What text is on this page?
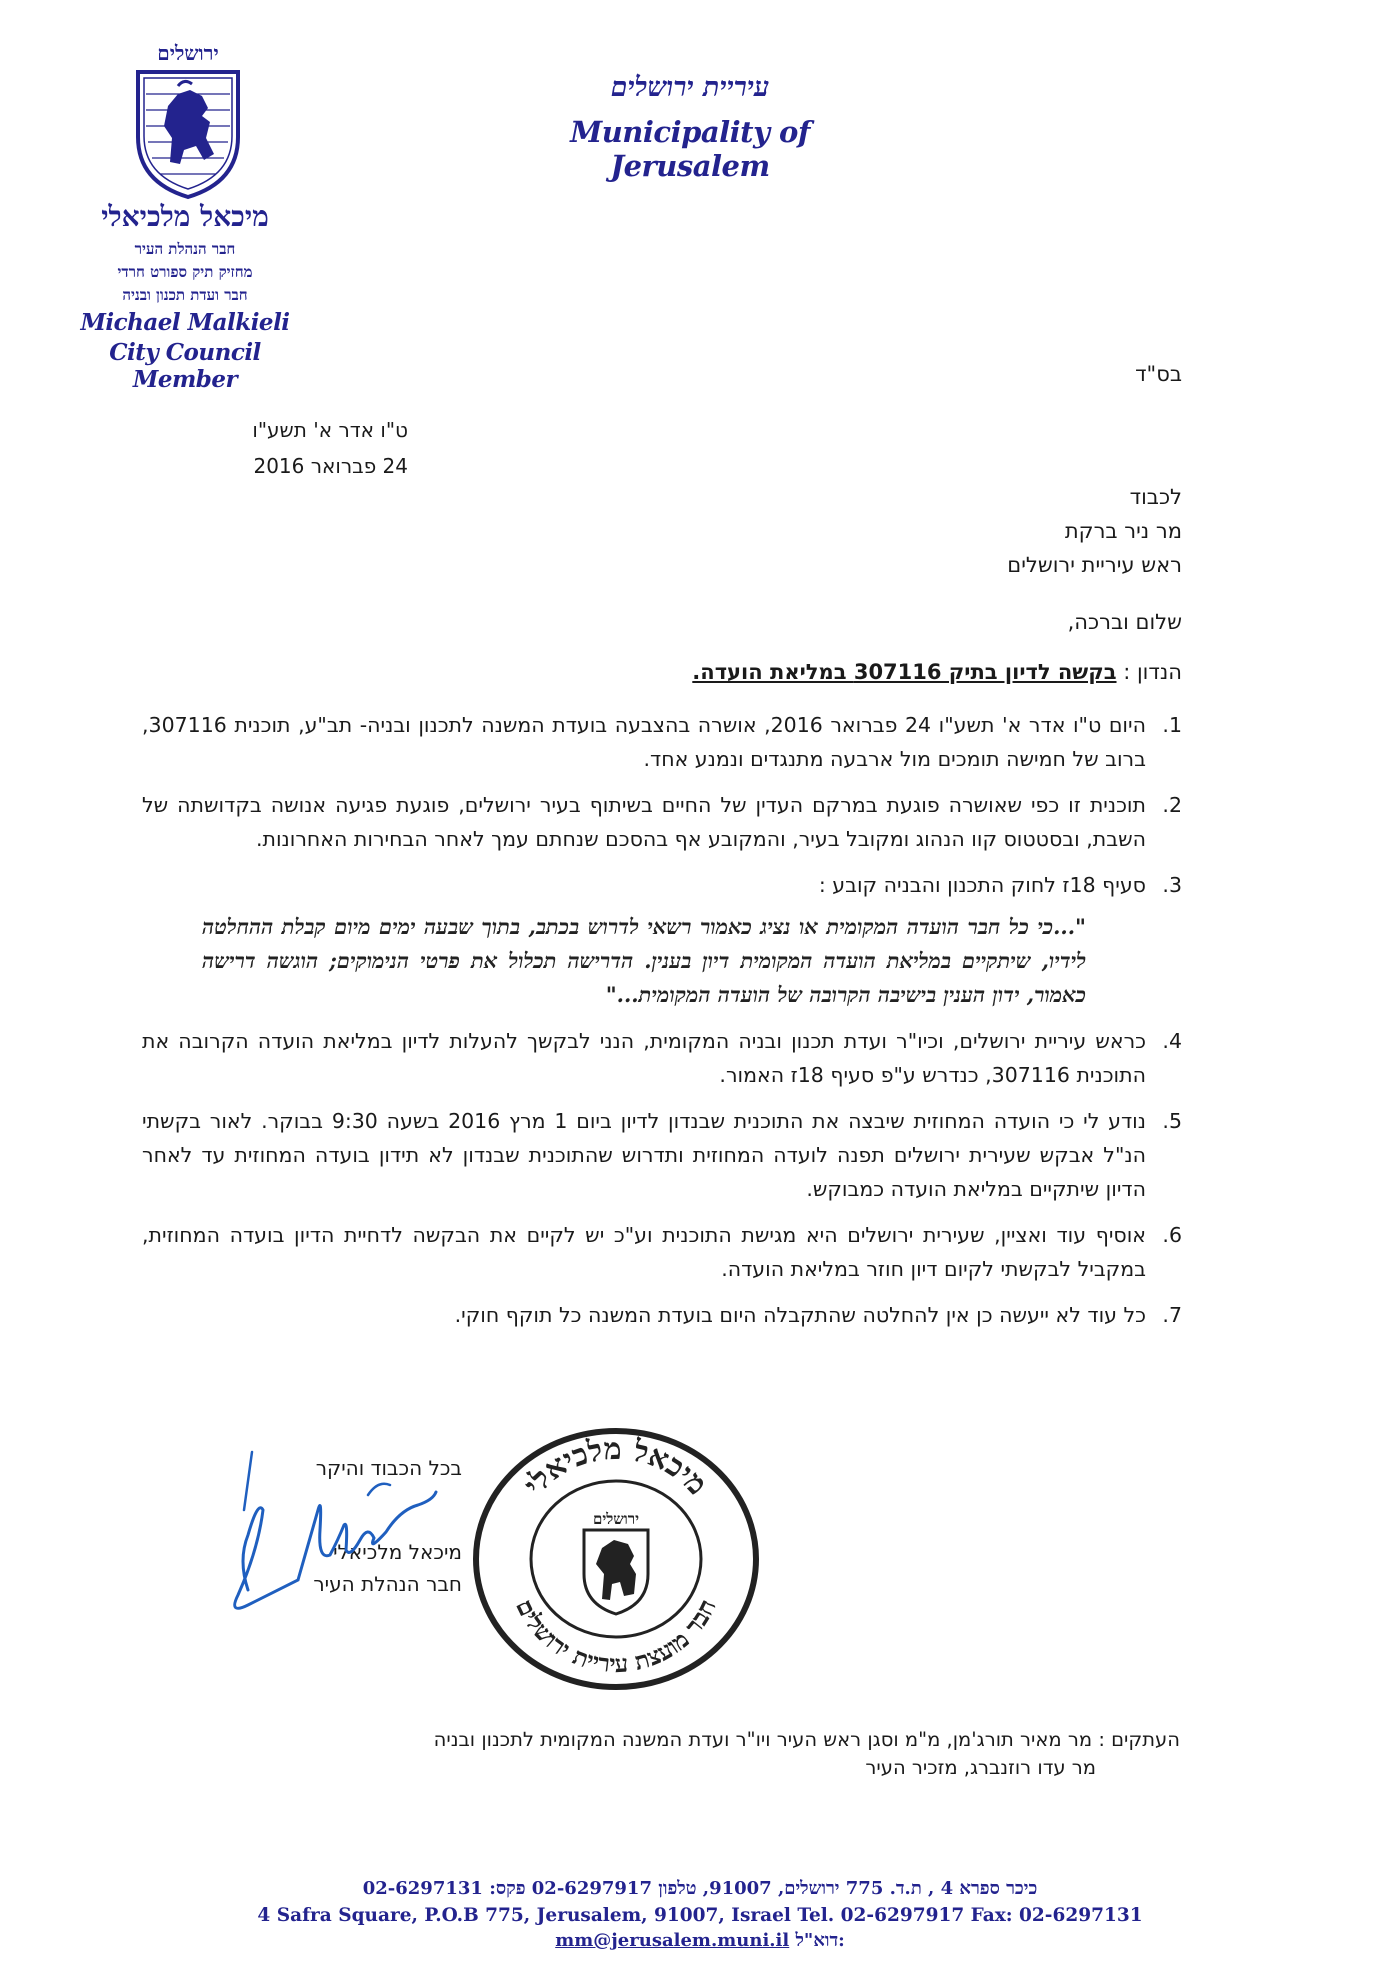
ירושלים
עיריית ירושלים
Municipality of Jerusalem
מיכאל מלכיאלי
חבר הנהלת העיר
מחזיק תיק ספורט חרדי
חבר ועדת תכנון ובניה
Michael Malkieli
City Council Member	בס"ד
ט"ו אדר א' תשע"ו
24 פברואר 2016
לכבוד
מר ניר ברקת
ראש עיריית ירושלים
שלום וברכה,
הנדון : בקשה לדיון בתיק 307116 במליאת הועדה.
1.
היום ט"ו אדר א' תשע"ו 24 פברואר 2016, אושרה בהצבעה בועדת המשנה לתכנון ובניה- תב"ע, תוכנית 307116, ברוב של חמישה תומכים מול ארבעה מתנגדים ונמנע אחד.
2.
תוכנית זו כפי שאושרה פוגעת במרקם העדין של החיים בשיתוף בעיר ירושלים, פוגעת פגיעה אנושה בקדושתה של השבת, ובסטטוס קוו הנהוג ומקובל בעיר, והמקובע אף בהסכם שנחתם עמך לאחר הבחירות האחרונות.
3.
סעיף 18ז לחוק התכנון והבניה קובע :
"...כי כל חבר הועדה המקומית או נציג כאמור רשאי לדרוש בכתב, בתוך שבעה ימים מיום קבלת ההחלטה לידיו, שיתקיים במליאת הועדה המקומית דיון בענין. הדרישה תכלול את פרטי הנימוקים; הוגשה דרישה כאמור, ידון הענין בישיבה הקרובה של הועדה המקומית..."
4.
כראש עיריית ירושלים, וכיו"ר ועדת תכנון ובניה המקומית, הנני לבקשך להעלות לדיון במליאת הועדה הקרובה את התוכנית 307116, כנדרש ע"פ סעיף 18ז האמור.
5.
נודע לי כי הועדה המחוזית שיבצה את התוכנית שבנדון לדיון ביום 1 מרץ 2016 בשעה 9:30 בבוקר. לאור בקשתי הנ"ל אבקש שעירית ירושלים תפנה לועדה המחוזית ותדרוש שהתוכנית שבנדון לא תידון בועדה המחוזית עד לאחר הדיון שיתקיים במליאת הועדה כמבוקש.
6.
אוסיף עוד ואציין, שעירית ירושלים היא מגישת התוכנית וע"כ יש לקיים את הבקשה לדחיית הדיון בועדה המחוזית, במקביל לבקשתי לקיום דיון חוזר במליאת הועדה.
7.
כל עוד לא ייעשה כן אין להחלטה שהתקבלה היום בועדת המשנה כל תוקף חוקי.
בכל הכבוד והיקר
מיכאל מלכיאלי
חבר הנהלת העיר
מיכאל מלכיאלי
חבר מועצת עיריית ירושלים
ירושלים
העתקים : מר מאיר תורג'מן, מ"מ וסגן ראש העיר ויו"ר ועדת המשנה המקומית לתכנון ובניה
מר עדו רוזנברג, מזכיר העיר
כיכר ספרא 4 , ת.ד. 775 ירושלים, 91007, טלפון 02-6297917 פקס: 02-6297131
4 Safra Square, P.O.B 775, Jerusalem, 91007, Israel Tel. 02-6297917 Fax: 02-6297131
mm@jerusalem.muni.il דוא"ל:
